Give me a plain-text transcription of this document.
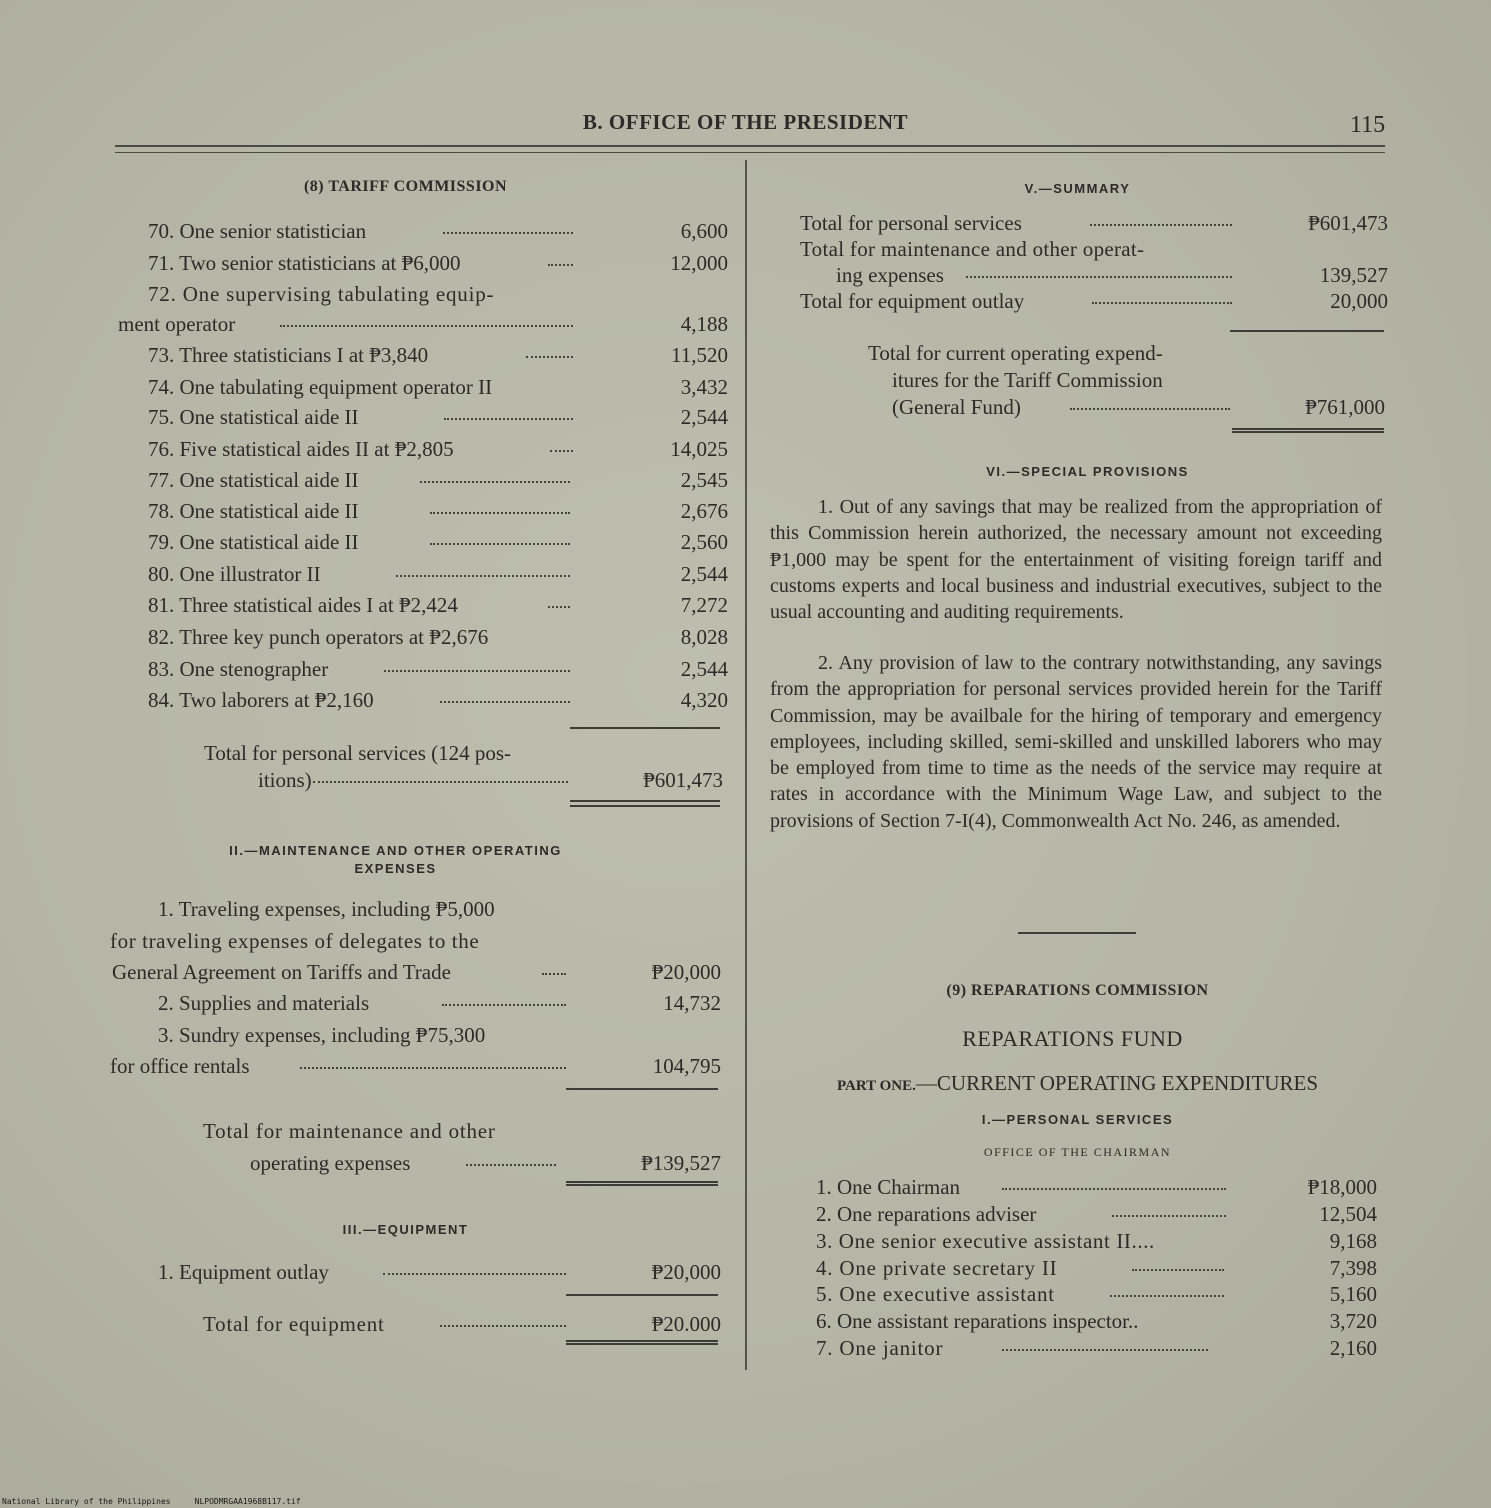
B. OFFICE OF THE PRESIDENT	115
(8) TARIFF COMMISSION
70. One senior statistician	6,600
71. Two senior statisticians at ₱6,000	12,000
72. One supervising tabulating equip-
ment operator	4,188
73. Three statisticians I at ₱3,840	11,520
74. One tabulating equipment operator II	3,432
75. One statistical aide II	2,544
76. Five statistical aides II at ₱2,805	14,025
77. One statistical aide II	2,545
78. One statistical aide II	2,676
79. One statistical aide II	2,560
80. One illustrator II	2,544
81. Three statistical aides I at ₱2,424	7,272
82. Three key punch operators at ₱2,676	8,028
83. One stenographer	2,544
84. Two laborers at ₱2,160	4,320
Total for personal services (124 pos-
itions)	₱601,473
II.—MAINTENANCE AND OTHER OPERATING
EXPENSES
1. Traveling expenses, including ₱5,000
for traveling expenses of delegates to the
General Agreement on Tariffs and Trade	₱20,000
2. Supplies and materials	14,732
3. Sundry expenses, including ₱75,300
for office rentals	104,795
Total for maintenance and other
operating expenses	₱139,527
III.—EQUIPMENT
1. Equipment outlay	₱20,000
Total for equipment	₱20.000
V.—SUMMARY
Total for personal services	₱601,473
Total for maintenance and other operat-
ing expenses	139,527
Total for equipment outlay	20,000
Total for current operating expend-
itures for the Tariff Commission
(General Fund)	₱761,000
VI.—SPECIAL PROVISIONS
1. Out of any savings that may be realized from the appropriation of this Commission herein authorized, the necessary amount not exceeding ₱1,000 may be spent for the entertainment of visiting foreign tariff and customs experts and local business and industrial executives, subject to the usual accounting and auditing requirements.
2. Any provision of law to the contrary notwithstanding, any savings from the appropriation for personal services provided herein for the Tariff Commission, may be availbale for the hiring of temporary and emergency employees, including skilled, semi-skilled and unskilled laborers who may be employed from time to time as the needs of the service may require at rates in accordance with the Minimum Wage Law, and subject to the provisions of Section 7-I(4), Commonwealth Act No. 246, as amended.
(9) REPARATIONS COMMISSION
REPARATIONS FUND
PART ONE.—CURRENT OPERATING EXPENDITURES
I.—PERSONAL SERVICES
OFFICE OF THE CHAIRMAN
1. One Chairman	₱18,000
2. One reparations adviser	12,504
3. One senior executive assistant II....	9,168
4. One private secretary II	7,398
5. One executive assistant	5,160
6. One assistant reparations inspector..	3,720
7. One janitor	2,160
National Library of the Philippines     NLPODMRGAA1968B117.tif
